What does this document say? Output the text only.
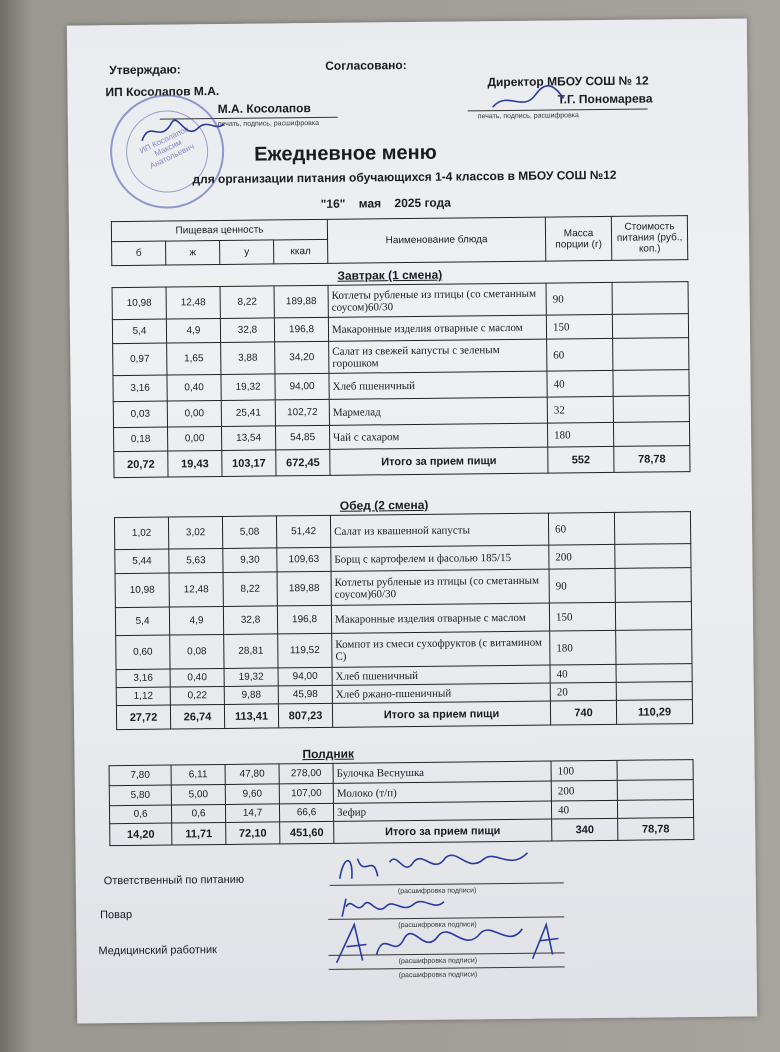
Утверждаю:	Согласовано:
ИП Косолапов М.А.
М.А. Косолапов
печать, подпись, расшифровка
Директор МБОУ СОШ № 12
Т.Г. Пономарева
печать, подпись, расшифровка
ИП Косолапов Максим Анатольевич	Ежедневное меню
для организации питания обучающихся 1-4 классов в МБОУ СОШ №12
"16" мая 2025 года
Пищевая ценность				Наименование блюда	Масса порции (г)	Стоимость питания (руб., коп.)
б	ж	у	ккал			
Завтрак (1 смена)
10,98	12,48	8,22	189,88	Котлеты рубленые из птицы (со сметанным соусом)60/30	90	
5,4	4,9	32,8	196,8	Макаронные изделия отварные с маслом	150	
0,97	1,65	3,88	34,20	Салат из свежей капусты с зеленым горошком	60	
3,16	0,40	19,32	94,00	Хлеб пшеничный	40	
0,03	0,00	25,41	102,72	Мармелад	32	
0,18	0,00	13,54	54,85	Чай с сахаром	180	
20,72	19,43	103,17	672,45	Итого за прием пищи	552	78,78
Обед (2 смена)
1,02	3,02	5,08	51,42	Салат из квашенной капусты	60	
5,44	5,63	9,30	109,63	Борщ с картофелем и фасолью 185/15	200	
10,98	12,48	8,22	189,88	Котлеты рубленые из птицы (со сметанным соусом)60/30	90	
5,4	4,9	32,8	196,8	Макаронные изделия отварные с маслом	150	
0,60	0,08	28,81	119,52	Компот из смеси сухофруктов (с витамином С)	180	
3,16	0,40	19,32	94,00	Хлеб пшеничный	40	
1,12	0,22	9,88	45,98	Хлеб ржано-пшеничный	20	
27,72	26,74	113,41	807,23	Итого за прием пищи	740	110,29
Полдник
7,80	6,11	47,80	278,00	Булочка Веснушка	100	
5,80	5,00	9,60	107,00	Молоко (т/п)	200	
0,6	0,6	14,7	66,6	Зефир	40	
14,20	11,71	72,10	451,60	Итого за прием пищи	340	78,78
Ответственный по питанию
(расшифровка подписи)
Повар
(расшифровка подписи)
Медицинский работник
(расшифровка подписи)
(расшифровка подписи)
